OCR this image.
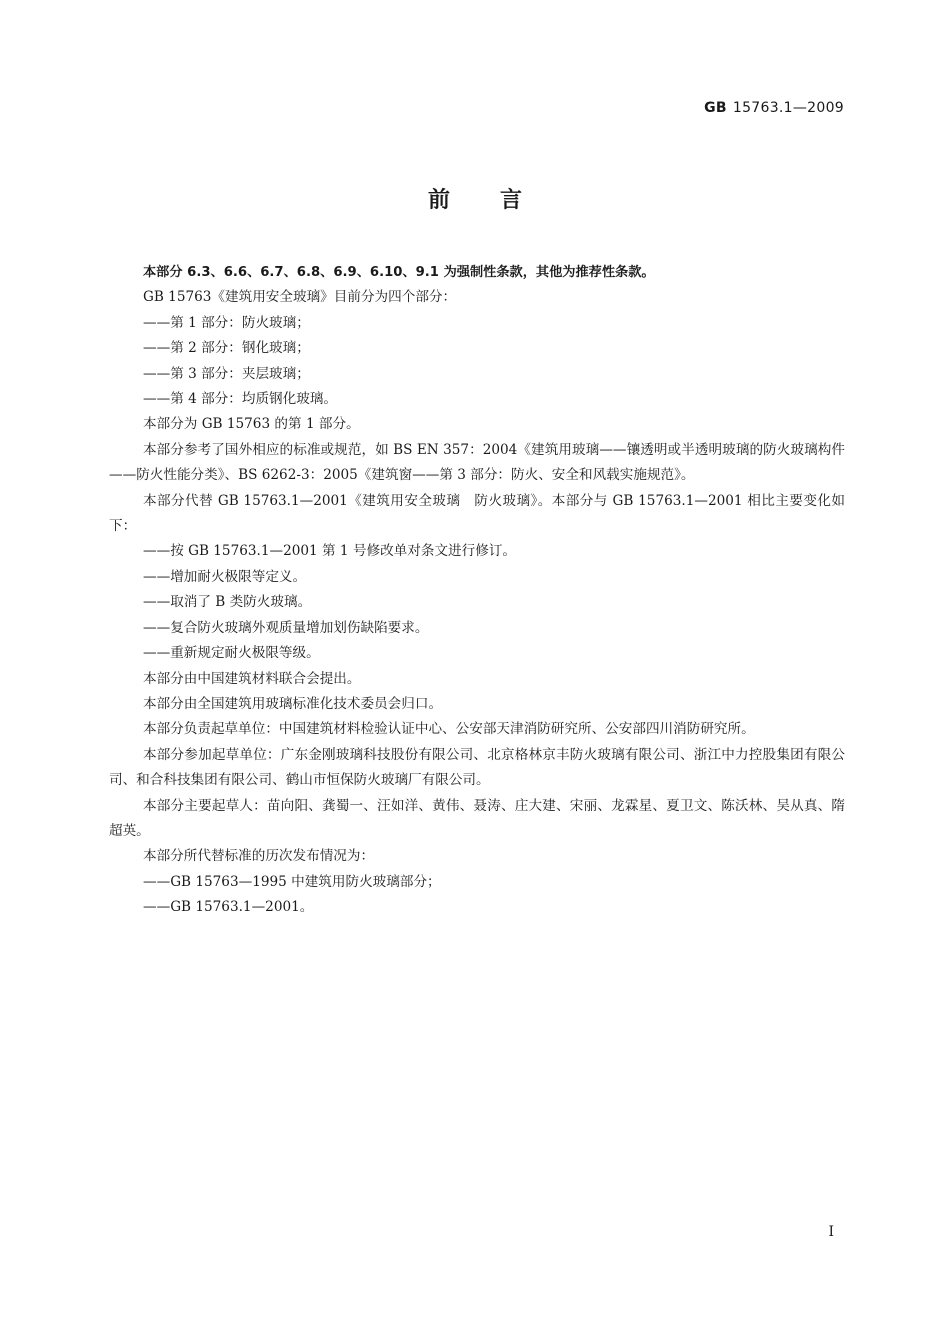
GB 15763.1—2009
前言

本部分 6.3、6.6、6.7、6.8、6.9、6.10、9.1 为强制性条款，其他为推荐性条款。

GB 15763《建筑用安全玻璃》目前分为四个部分：

——第 1 部分：防火玻璃；

——第 2 部分：钢化玻璃；

——第 3 部分：夹层玻璃；

——第 4 部分：均质钢化玻璃。

本部分为 GB 15763 的第 1 部分。

本部分参考了国外相应的标准或规范，如 BS EN 357：2004《建筑用玻璃——镶透明或半透明玻璃的防火玻璃构件——防火性能分类》、BS 6262-3：2005《建筑窗——第 3 部分：防火、安全和风载实施规范》。

本部分代替 GB 15763.1—2001《建筑用安全玻璃　防火玻璃》。本部分与 GB 15763.1—2001 相比主要变化如下：

——按 GB 15763.1—2001 第 1 号修改单对条文进行修订。

——增加耐火极限等定义。

——取消了 B 类防火玻璃。

——复合防火玻璃外观质量增加划伤缺陷要求。

——重新规定耐火极限等级。

本部分由中国建筑材料联合会提出。

本部分由全国建筑用玻璃标准化技术委员会归口。

本部分负责起草单位：中国建筑材料检验认证中心、公安部天津消防研究所、公安部四川消防研究所。

本部分参加起草单位：广东金刚玻璃科技股份有限公司、北京格林京丰防火玻璃有限公司、浙江中力控股集团有限公司、和合科技集团有限公司、鹤山市恒保防火玻璃厂有限公司。

本部分主要起草人：苗向阳、龚蜀一、汪如洋、黄伟、聂涛、庄大建、宋丽、龙霖星、夏卫文、陈沃林、吴从真、隋超英。

本部分所代替标准的历次发布情况为：

——GB 15763—1995 中建筑用防火玻璃部分；

——GB 15763.1—2001。

I
